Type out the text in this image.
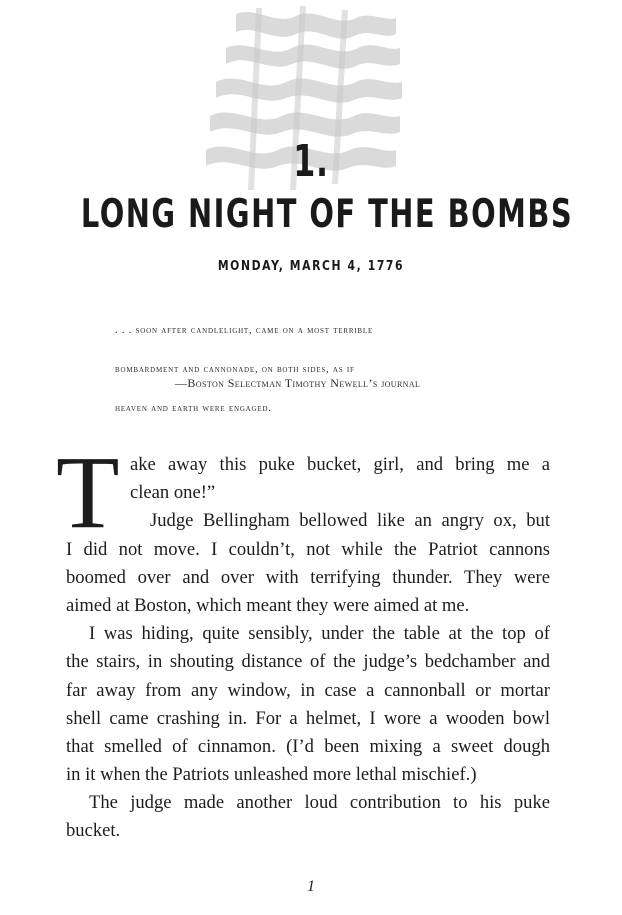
1.
LONG NIGHT OF THE BOMBS
MONDAY, MARCH 4, 1776

. . . soon after candlelight, came on a most terrible

bombardment and cannonade, on both sides, as if

heaven and earth were engaged.

—Boston Selectman Timothy Newell’s journal
T ake away this puke bucket, girl, and bring me a
clean one!”
Judge Bellingham bellowed like an angry ox, but
I did not move. I couldn’t, not while the Patriot cannons
boomed over and over with terrifying thunder. They were
aimed at Boston, which meant they were aimed at me.
I was hiding, quite sensibly, under the table at the top of
the stairs, in shouting distance of the judge’s bedchamber and
far away from any window, in case a cannonball or mortar
shell came crashing in. For a helmet, I wore a wooden bowl
that smelled of cinnamon. (I’d been mixing a sweet dough
in it when the Patriots unleashed more lethal mischief.)
The judge made another loud contribution to his puke
bucket.
1
